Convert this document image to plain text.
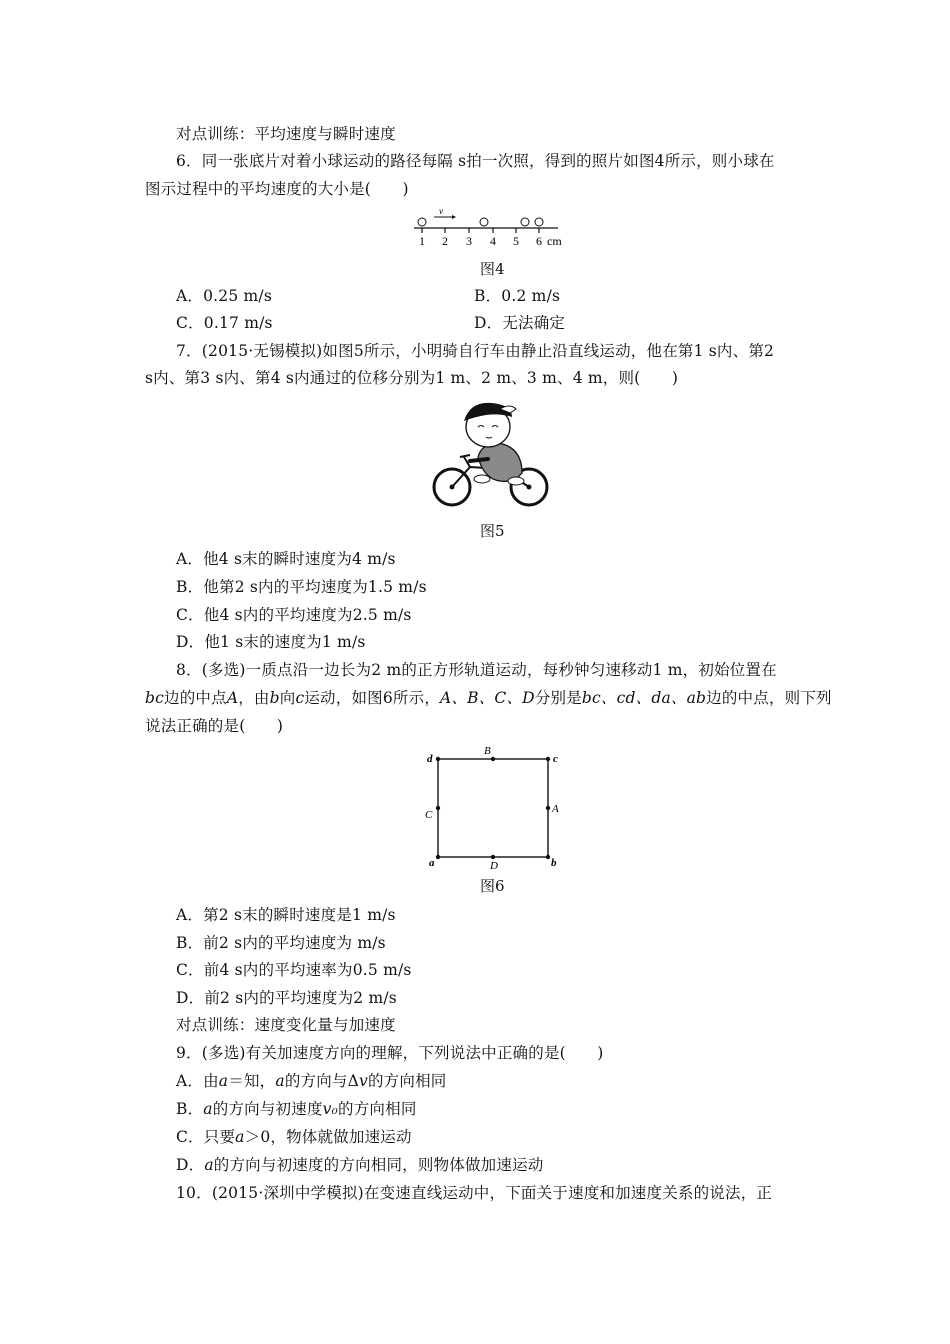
对点训练：平均速度与瞬时速度
6．同一张底片对着小球运动的路径每隔 s拍一次照，得到的照片如图4所示，则小球在
图示过程中的平均速度的大小是(　　)
v
1 2 3 4 5 6 cm
图4
A．0.25 m/s	B．0.2 m/s
C．0.17 m/s	D．无法确定
7．(2015·无锡模拟)如图5所示，小明骑自行车由静止沿直线运动，他在第1 s内、第2
s内、第3 s内、第4 s内通过的位移分别为1 m、2 m、3 m、4 m，则(　　)
图5
A．他4 s末的瞬时速度为4 m/s
B．他第2 s内的平均速度为1.5 m/s
C．他4 s内的平均速度为2.5 m/s
D．他1 s末的速度为1 m/s
8．(多选)一质点沿一边长为2 m的正方形轨道运动，每秒钟匀速移动1 m，初始位置在
bc边的中点A，由b向c运动，如图6所示，A、B、C、D分别是bc、cd、da、ab边的中点，则下列
说法正确的是(　　)
d	c
a	b
B
D
C	A
图6
A．第2 s末的瞬时速度是1 m/s
B．前2 s内的平均速度为 m/s
C．前4 s内的平均速率为0.5 m/s
D．前2 s内的平均速度为2 m/s
对点训练：速度变化量与加速度
9．(多选)有关加速度方向的理解，下列说法中正确的是(　　)
A．由a＝知，a的方向与Δv的方向相同
B．a的方向与初速度v₀的方向相同
C．只要a＞0，物体就做加速运动
D．a的方向与初速度的方向相同，则物体做加速运动
10．(2015·深圳中学模拟)在变速直线运动中，下面关于速度和加速度关系的说法，正
